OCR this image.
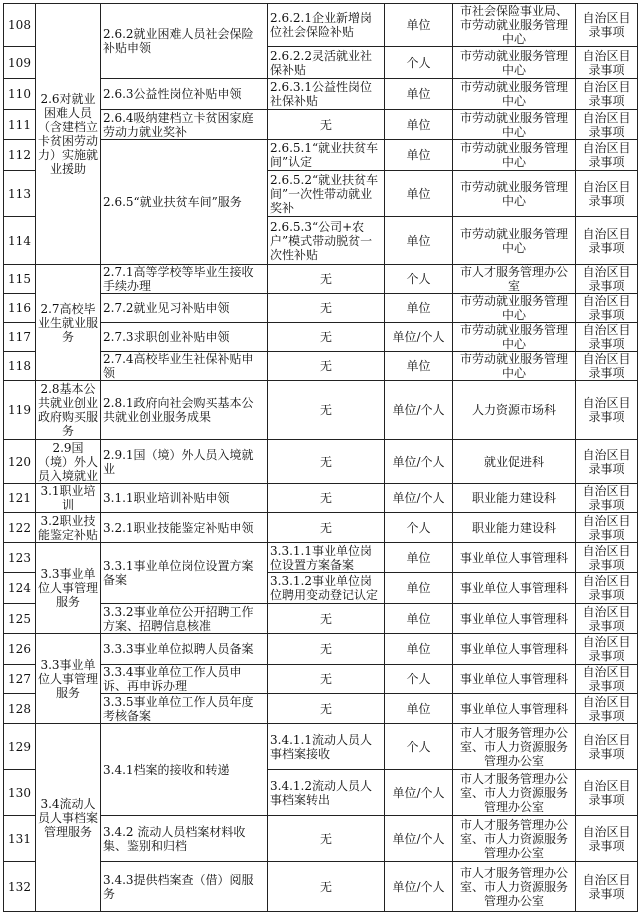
108	2.6对就业困难人员（含建档立卡贫困劳动力）实施就业援助	2.6.2就业困难人员社会保险补贴申领	2.6.2.1企业新增岗位社会保险补贴	单位	市社会保险事业局、市劳动就业服务管理中心	自治区目录事项
109			2.6.2.2灵活就业社保补贴	个人	市劳动就业服务管理中心	自治区目录事项
110		2.6.3公益性岗位补贴申领	2.6.3.1公益性岗位社保补贴	单位	市劳动就业服务管理中心	自治区目录事项
111		2.6.4吸纳建档立卡贫困家庭劳动力就业奖补	无	单位	市劳动就业服务管理中心	自治区目录事项
112		2.6.5“就业扶贫车间”服务	2.6.5.1“就业扶贫车间”认定	单位	市劳动就业服务管理中心	自治区目录事项
113			2.6.5.2“就业扶贫车间”一次性带动就业奖补	单位	市劳动就业服务管理中心	自治区目录事项
114			2.6.5.3“公司+农户”模式带动脱贫一次性补贴	单位	市劳动就业服务管理中心	自治区目录事项
115	2.7高校毕业生就业服务	2.7.1高等学校等毕业生接收手续办理	无	个人	市人才服务管理办公室	自治区目录事项
116		2.7.2就业见习补贴申领	无	单位	市劳动就业服务管理中心	自治区目录事项
117		2.7.3求职创业补贴申领	无	单位/个人	市劳动就业服务管理中心	自治区目录事项
118		2.7.4高校毕业生社保补贴申领	无	单位	市劳动就业服务管理中心	自治区目录事项
119	2.8基本公共就业创业政府购买服务	2.8.1政府向社会购买基本公共就业创业服务成果	无	单位/个人	人力资源市场科	自治区目录事项
120	2.9国（境）外人员入境就业	2.9.1国（境）外人员入境就业	无	单位/个人	就业促进科	自治区目录事项
121	3.1职业培训	3.1.1职业培训补贴申领	无	单位/个人	职业能力建设科	自治区目录事项
122	3.2职业技能鉴定补贴	3.2.1职业技能鉴定补贴申领	无	个人	职业能力建设科	自治区目录事项
123	3.3事业单位人事管理服务	3.3.1事业单位岗位设置方案备案	3.3.1.1事业单位岗位设置方案备案	单位	事业单位人事管理科	自治区目录事项
124			3.3.1.2事业单位岗位聘用变动登记认定	单位	事业单位人事管理科	自治区目录事项
125		3.3.2事业单位公开招聘工作方案、招聘信息核准	无	单位	事业单位人事管理科	自治区目录事项
126	3.3事业单位人事管理服务	3.3.3事业单位拟聘人员备案	无	单位	事业单位人事管理科	自治区目录事项
127		3.3.4事业单位工作人员申诉、再申诉办理	无	个人	事业单位人事管理科	自治区目录事项
128		3.3.5事业单位工作人员年度考核备案	无	单位	事业单位人事管理科	自治区目录事项
129	3.4流动人员人事档案管理服务	3.4.1档案的接收和转递	3.4.1.1流动人员人事档案接收	个人	市人才服务管理办公室、市人力资源服务管理办公室	自治区目录事项
130			3.4.1.2流动人员人事档案转出	单位/个人	市人才服务管理办公室、市人力资源服务管理办公室	自治区目录事项
131		3.4.2 流动人员档案材料收集、鉴别和归档	无	单位/个人	市人才服务管理办公室、市人力资源服务管理办公室	自治区目录事项
132		3.4.3提供档案查（借）阅服务	无	单位/个人	市人才服务管理办公室、市人力资源服务管理办公室	自治区目录事项
